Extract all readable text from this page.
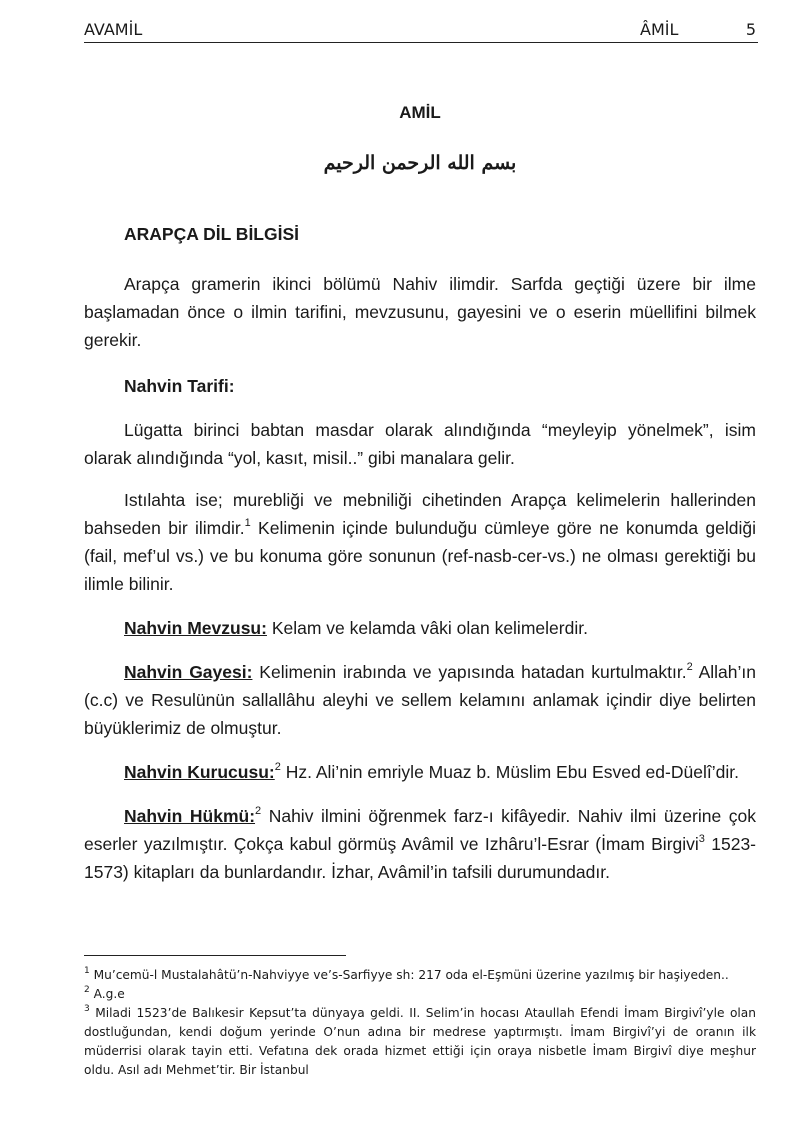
AVAMİL	ÂMİL	5
AMİL
بسم الله الرحمن الرحيم
ARAPÇA DİL BİLGİSİ

Arapça gramerin ikinci bölümü Nahiv ilimdir. Sarfda geçtiği üzere bir ilme başlamadan önce o ilmin tarifini, mevzusunu, gayesini ve o eserin müellifini bilmek gerekir.

Nahvin Tarifi:

Lügatta birinci babtan masdar olarak alındığında “meyleyip yönelmek”, isim olarak alındığında “yol, kasıt, misil..” gibi manalara gelir.

Istılahta ise; murebliği ve mebniliği cihetinden Arapça kelimelerin hallerinden bahseden bir ilimdir.$^1$ Kelimenin içinde bulunduğu cümleye göre ne konumda geldiği (fail, mef’ul vs.) ve bu konuma göre sonunun (ref-nasb-cer-vs.) ne olması gerektiği bu ilimle bilinir.

Nahvin Mevzusu: Kelam ve kelamda vâki olan kelimelerdir.

Nahvin Gayesi: Kelimenin irabında ve yapısında hatadan kurtulmaktır.$^2$ Allah’ın (c.c) ve Resulünün sallallâhu aleyhi ve sellem kelamını anlamak içindir diye belirten büyüklerimiz de olmuştur.

Nahvin Kurucusu:$^2$ Hz. Ali’nin emriyle Muaz b. Müslim Ebu Esved ed-Düelî’dir.

Nahvin Hükmü:$^2$ Nahiv ilmini öğrenmek farz-ı kifâyedir. Nahiv ilmi üzerine çok eserler yazılmıştır. Çokça kabul görmüş Avâmil ve Izhâru’l-Esrar (İmam Birgivi$^3$ 1523-1573) kitapları da bunlardandır. İzhar, Avâmil’in tafsili durumundadır.

$^1$ Mu’cemü-l Mustalahâtü’n-Nahviyye ve’s-Sarfiyye sh: 217 oda el-Eşmüni üzerine yazılmış bir haşiyeden..

$^2$ A.g.e

$^3$ Miladi 1523’de Balıkesir Kepsut’ta dünyaya geldi. II. Selim’in hocası Ataullah Efendi İmam Birgivî’yle olan dostluğundan, kendi doğum yerinde O’nun adına bir medrese yaptırmıştı. İmam Birgivî’yi de oranın ilk müderrisi olarak tayin etti. Vefatına dek orada hizmet ettiği için oraya nisbetle İmam Birgivî diye meşhur oldu. Asıl adı Mehmet’tir. Bir İstanbul
